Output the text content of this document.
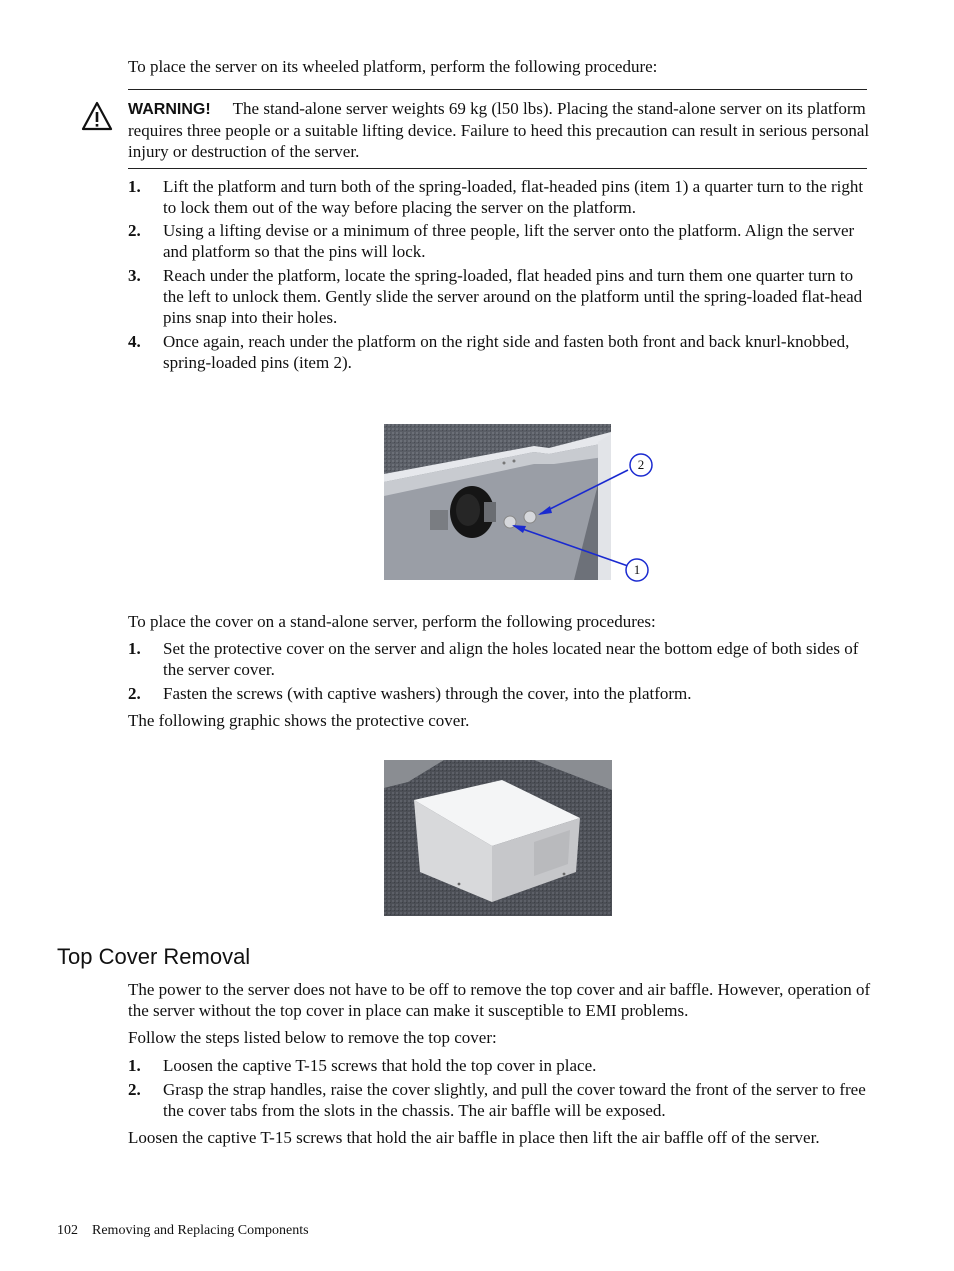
To place the server on its wheeled platform, perform the following procedure:

WARNING! The stand-alone server weights 69 kg (l50 lbs). Placing the stand-alone server on its platform requires three people or a suitable lifting device. Failure to heed this precaution can result in serious personal injury or destruction of the server.
1. Lift the platform and turn both of the spring-loaded, flat-headed pins (item 1) a quarter turn to the right to lock them out of the way before placing the server on the platform.
2. Using a lifting devise or a minimum of three people, lift the server onto the platform. Align the server and platform so that the pins will lock.
3. Reach under the platform, locate the spring-loaded, flat headed pins and turn them one quarter turn to the left to unlock them. Gently slide the server around on the platform until the spring-loaded flat-head pins snap into their holes.
4. Once again, reach under the platform on the right side and fasten both front and back knurl-knobbed, spring-loaded pins (item 2).
2
1

To place the cover on a stand-alone server, perform the following procedures:

1. Set the protective cover on the server and align the holes located near the bottom edge of both sides of the server cover.
2. Fasten the screws (with captive washers) through the cover, into the platform.

The following graphic shows the protective cover.

Top Cover Removal

The power to the server does not have to be off to remove the top cover and air baffle. However, operation of the server without the top cover in place can make it susceptible to EMI problems.

Follow the steps listed below to remove the top cover:

1. Loosen the captive T-15 screws that hold the top cover in place.
2. Grasp the strap handles, raise the cover slightly, and pull the cover toward the front of the server to free the cover tabs from the slots in the chassis. The air baffle will be exposed.

Loosen the captive T-15 screws that hold the air baffle in place then lift the air baffle off of the server.

102 Removing and Replacing Components
